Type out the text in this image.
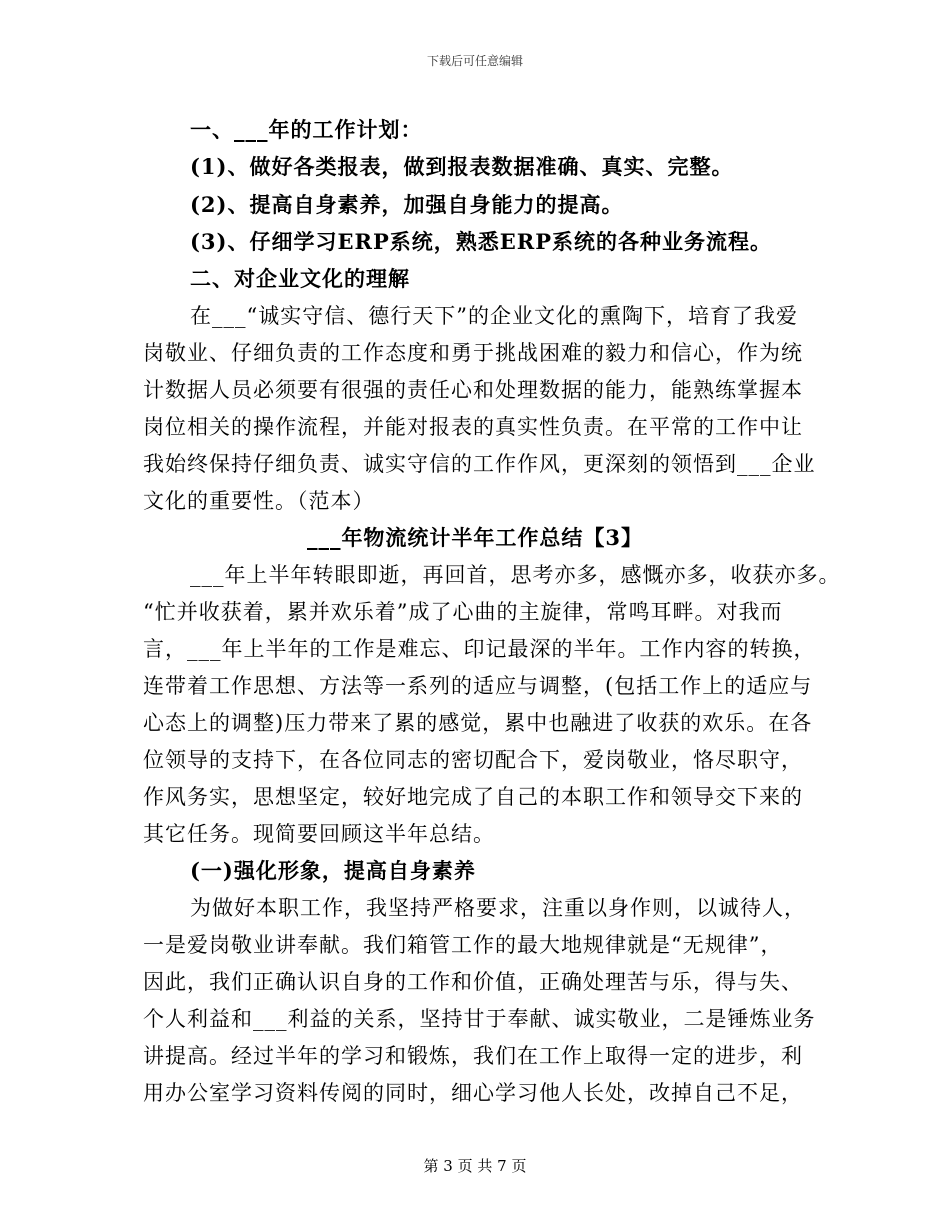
下载后可任意编辑
一、___年的工作计划：
(1)、做好各类报表，做到报表数据准确、真实、完整。
(2)、提高自身素养，加强自身能力的提高。
(3)、仔细学习ERP系统，熟悉ERP系统的各种业务流程。
二、对企业文化的理解
在___“诚实守信、德行天下”的企业文化的熏陶下，培育了我爱
岗敬业、仔细负责的工作态度和勇于挑战困难的毅力和信心，作为统
计数据人员必须要有很强的责任心和处理数据的能力，能熟练掌握本
岗位相关的操作流程，并能对报表的真实性负责。在平常的工作中让
我始终保持仔细负责、诚实守信的工作作风，更深刻的领悟到___企业
文化的重要性。（范本）
___年物流统计半年工作总结【3】
___年上半年转眼即逝，再回首，思考亦多，感慨亦多，收获亦多。
“忙并收获着，累并欢乐着”成了心曲的主旋律，常鸣耳畔。对我而
言，___年上半年的工作是难忘、印记最深的半年。工作内容的转换，
连带着工作思想、方法等一系列的适应与调整，(包括工作上的适应与
心态上的调整)压力带来了累的感觉，累中也融进了收获的欢乐。在各
位领导的支持下，在各位同志的密切配合下，爱岗敬业，恪尽职守，
作风务实，思想坚定，较好地完成了自己的本职工作和领导交下来的
其它任务。现简要回顾这半年总结。
(一)强化形象，提高自身素养
为做好本职工作，我坚持严格要求，注重以身作则，以诚待人，
一是爱岗敬业讲奉献。我们箱管工作的最大地规律就是“无规律”，
因此，我们正确认识自身的工作和价值，正确处理苦与乐，得与失、
个人利益和___利益的关系，坚持甘于奉献、诚实敬业，二是锤炼业务
讲提高。经过半年的学习和锻炼，我们在工作上取得一定的进步，利
用办公室学习资料传阅的同时，细心学习他人长处，改掉自己不足，
第 3 页 共 7 页
